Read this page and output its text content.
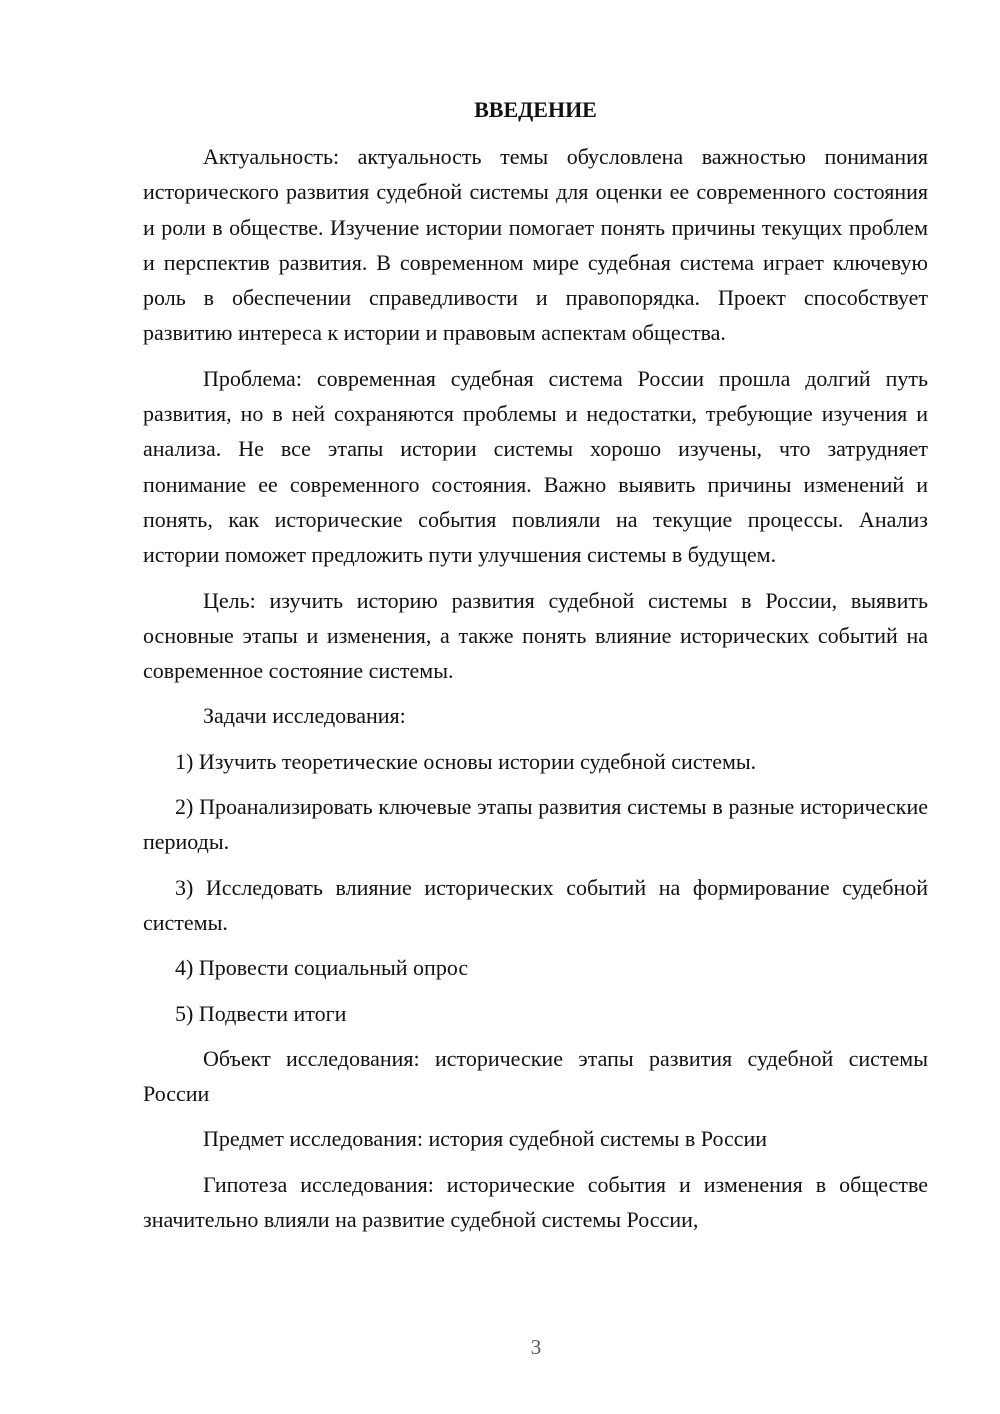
ВВЕДЕНИЕ

Актуальность: актуальность темы обусловлена важностью понимания исторического развития судебной системы для оценки ее современного состояния и роли в обществе. Изучение истории помогает понять причины текущих проблем и перспектив развития. В современном мире судебная система играет ключевую роль в обеспечении справедливости и правопорядка. Проект способствует развитию интереса к истории и правовым аспектам общества.

Проблема: современная судебная система России прошла долгий путь развития, но в ней сохраняются проблемы и недостатки, требующие изучения и анализа. Не все этапы истории системы хорошо изучены, что затрудняет понимание ее современного состояния. Важно выявить причины изменений и понять, как исторические события повлияли на текущие процессы. Анализ истории поможет предложить пути улучшения системы в будущем.

Цель: изучить историю развития судебной системы в России, выявить основные этапы и изменения, а также понять влияние исторических событий на современное состояние системы.

Задачи исследования:

1) Изучить теоретические основы истории судебной системы.

2) Проанализировать ключевые этапы развития системы в разные исторические периоды.

3) Исследовать влияние исторических событий на формирование судебной системы.

4) Провести социальный опрос

5) Подвести итоги

Объект исследования: исторические этапы развития судебной системы России

Предмет исследования: история судебной системы в России

Гипотеза исследования: исторические события и изменения в обществе значительно влияли на развитие судебной системы России,

3
